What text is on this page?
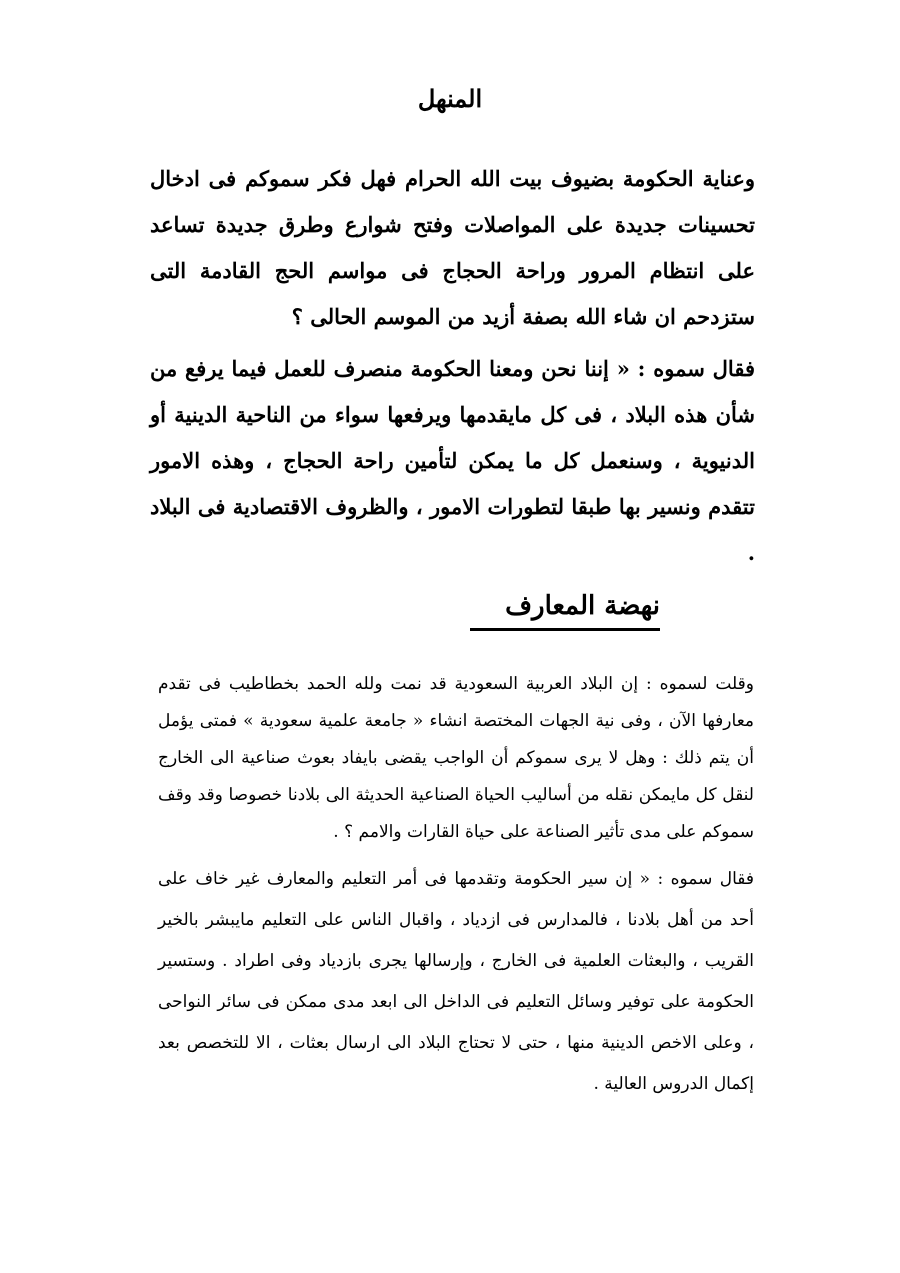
المنهل

وعناية الحكومة بضيوف بيت الله الحرام فهل فكر سموكم فى ادخال تحسينات جديدة على المواصلات وفتح شوارع وطرق جديدة تساعد على انتظام المرور وراحة الحجاج فى مواسم الحج القادمة التى ستزدحم ان شاء الله بصفة أزيد من الموسم الحالى ؟

فقال سموه : « إننا نحن ومعنا الحكومة منصرف للعمل فيما يرفع من شأن هذه البلاد ، فى كل مايقدمها ويرفعها سواء من الناحية الدينية أو الدنيوية ، وسنعمل كل ما يمكن لتأمين راحة الحجاج ، وهذه الامور تتقدم ونسير بها طبقا لتطورات الامور ، والظروف الاقتصادية فى البلاد .

نهضة المعارف

وقلت لسموه : إن البلاد العربية السعودية قد نمت ولله الحمد بخطاطيب فى تقدم معارفها الآن ، وفى نية الجهات المختصة انشاء « جامعة علمية سعودية » فمتى يؤمل أن يتم ذلك : وهل لا يرى سموكم أن الواجب يقضى بايفاد بعوث صناعية الى الخارج لنقل كل مايمكن نقله من أساليب الحياة الصناعية الحديثة الى بلادنا خصوصا وقد وقف سموكم على مدى تأثير الصناعة على حياة القارات والامم ؟ .

فقال سموه : « إن سير الحكومة وتقدمها فى أمر التعليم والمعارف غير خاف على أحد من أهل بلادنا ، فالمدارس فى ازدياد ، واقبال الناس على التعليم مايبشر بالخير القريب ، والبعثات العلمية فى الخارج ، وإرسالها يجرى بازدياد وفى اطراد . وستسير الحكومة على توفير وسائل التعليم فى الداخل الى ابعد مدى ممكن فى سائر النواحى ، وعلى الاخص الدينية منها ، حتى لا تحتاج البلاد الى ارسال بعثات ، الا للتخصص بعد إكمال الدروس العالية .
